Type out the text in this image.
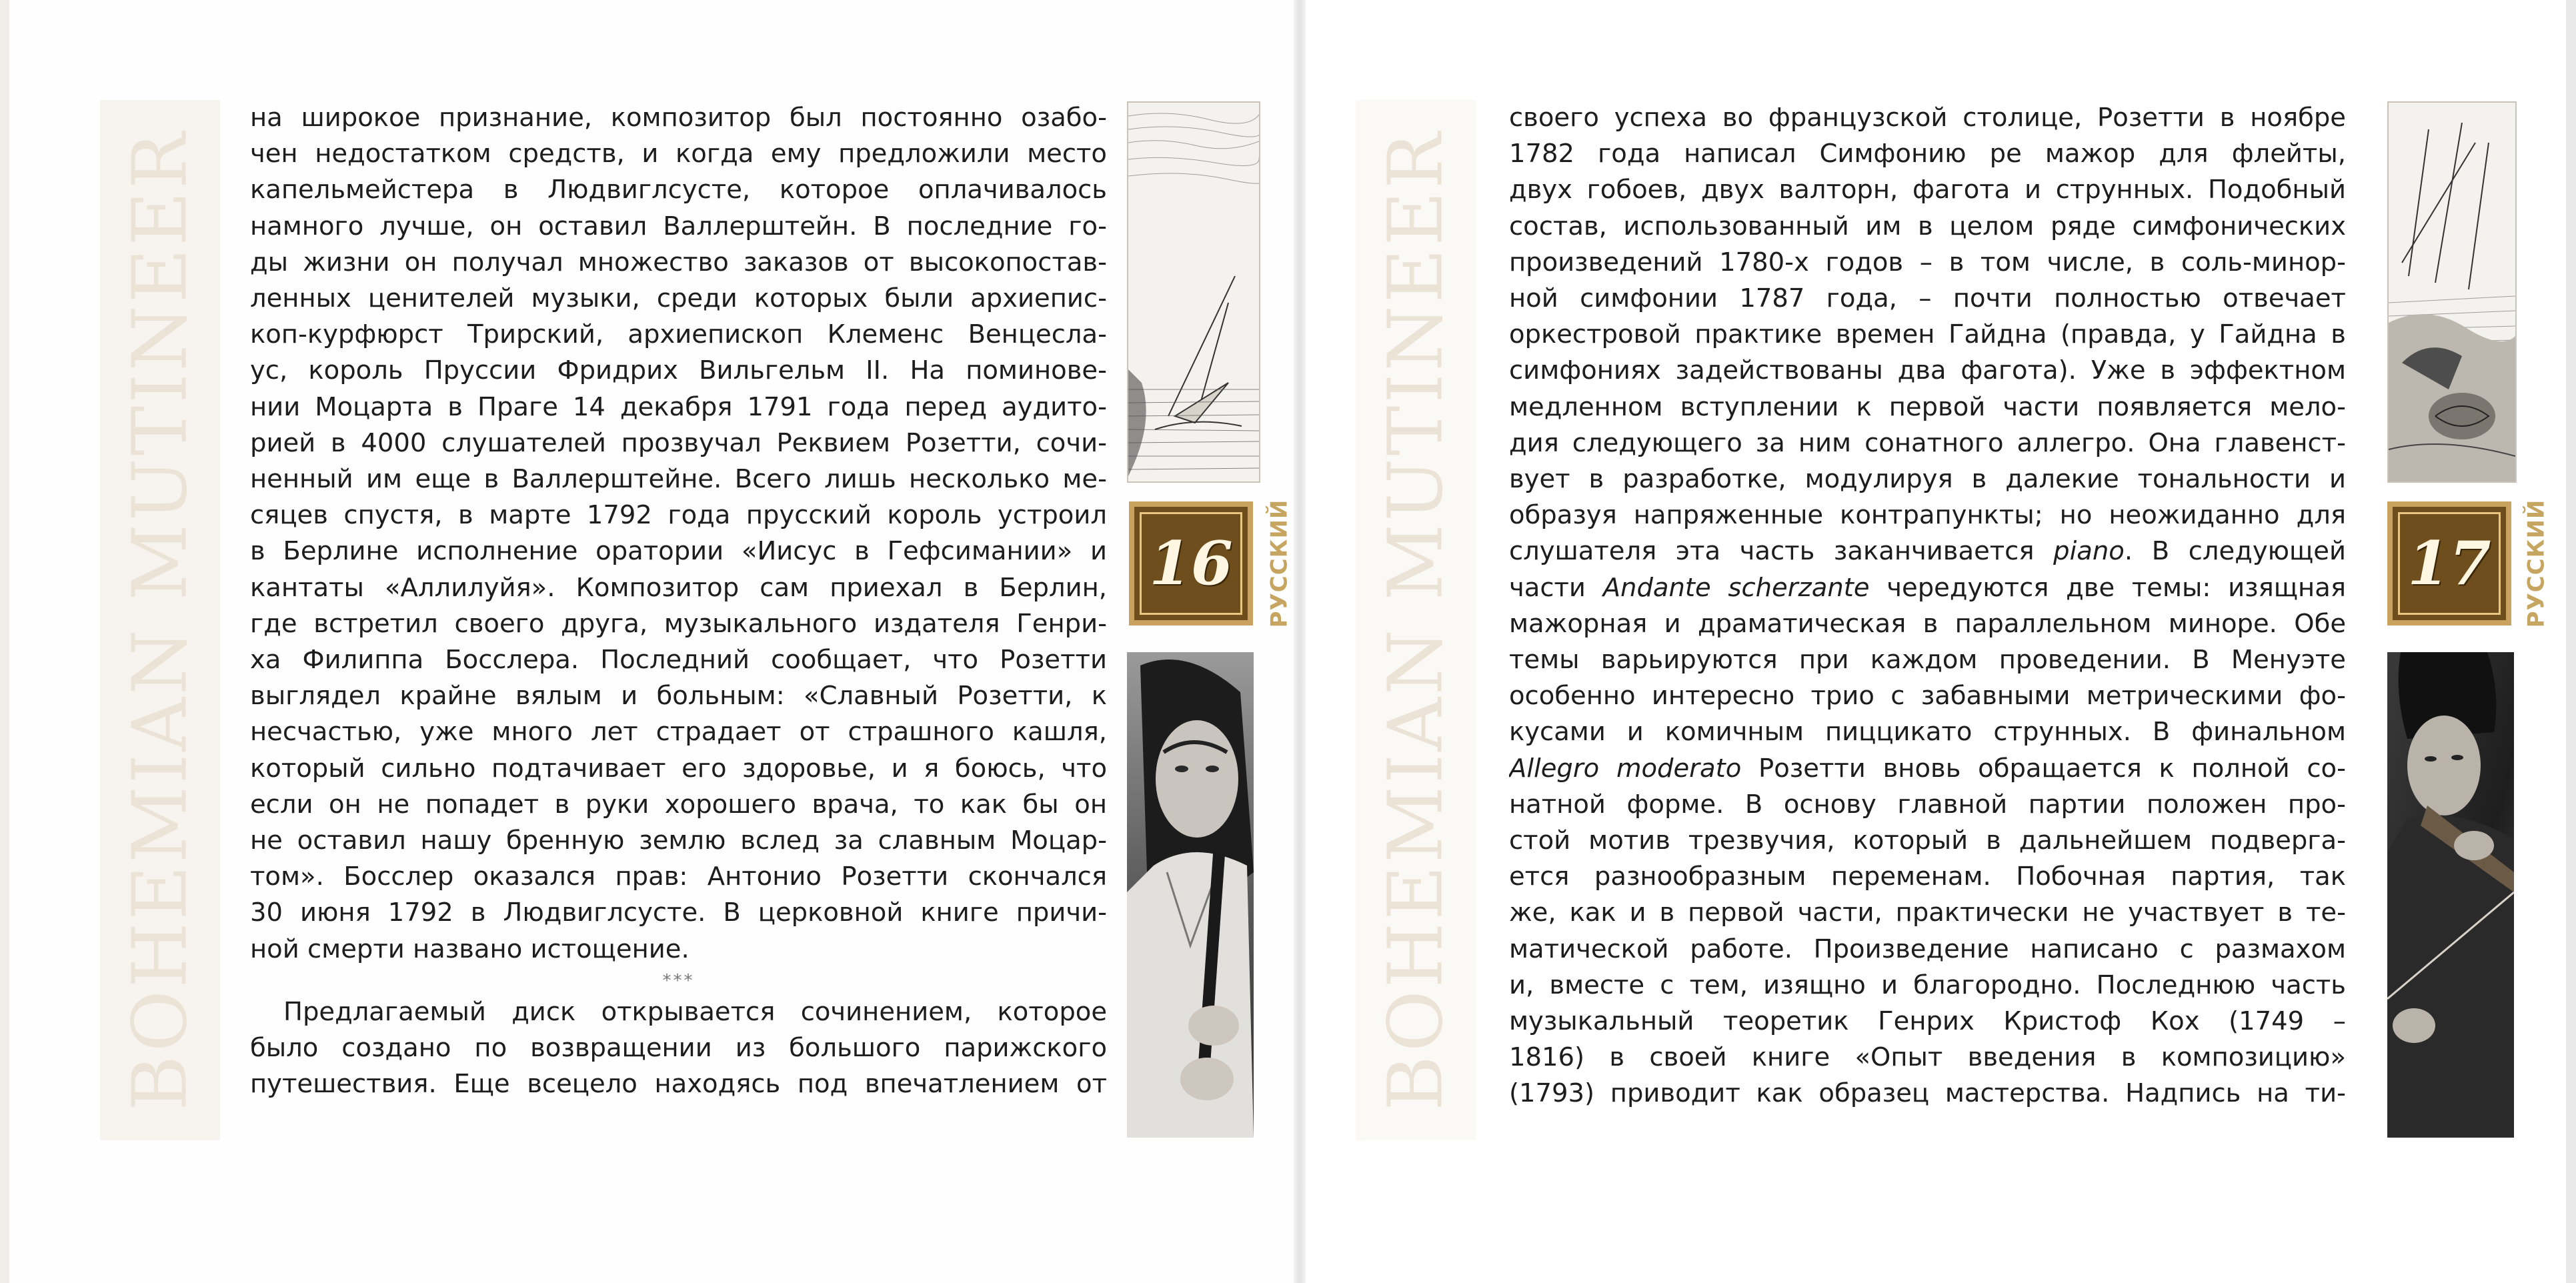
BOHEMIAN MUTINEER

на широкое признание, композитор был постоянно озабо-
чен недостатком средств, и когда ему предложили место
капельмейстера в Людвиглсусте, которое оплачивалось
намного лучше, он оставил Валлерштейн. В последние го-
ды жизни он получал множество заказов от высокопостав-
ленных ценителей музыки, среди которых были архиепис-
коп-курфюрст Трирский, архиепископ Клеменс Венцесла-
ус, король Пруссии Фридрих Вильгельм II. На поминове-
нии Моцарта в Праге 14 декабря 1791 года перед аудито-
рией в 4000 слушателей прозвучал Реквием Розетти, сочи-
ненный им еще в Валлерштейне. Всего лишь несколько ме-
сяцев спустя, в марте 1792 года прусский король устроил
в Берлине исполнение оратории «Иисус в Гефсимании» и
кантаты «Аллилуйя». Композитор сам приехал в Берлин,
где встретил своего друга, музыкального издателя Генри-
ха Филиппа Босслера. Последний сообщает, что Розетти
выглядел крайне вялым и больным: «Славный Розетти, к
несчастью, уже много лет страдает от страшного кашля,
который сильно подтачивает его здоровье, и я боюсь, что
если он не попадет в руки хорошего врача, то как бы он
не оставил нашу бренную землю вслед за славным Моцар-
том». Босслер оказался прав: Антонио Розетти скончался
30 июня 1792 в Людвиглсусте. В церковной книге причи-
ной смерти названо истощение.

***

Предлагаемый диск открывается сочинением, которое
было создано по возвращении из большого парижского
путешествия. Еще всецело находясь под впечатлением от

16 РУССКИЙ BOHEMIAN MUTINEER

своего успеха во французской столице, Розетти в ноябре
1782 года написал Симфонию ре мажор для флейты,
двух гобоев, двух валторн, фагота и струнных. Подобный
состав, использованный им в целом ряде симфонических
произведений 1780-х годов – в том числе, в соль-минор-
ной симфонии 1787 года, – почти полностью отвечает
оркестровой практике времен Гайдна (правда, у Гайдна в
симфониях задействованы два фагота). Уже в эффектном
медленном вступлении к первой части появляется мело-
дия следующего за ним сонатного аллегро. Она главенст-
вует в разработке, модулируя в далекие тональности и
образуя напряженные контрапункты; но неожиданно для
слушателя эта часть заканчивается piano. В следующей
части Andante scherzante чередуются две темы: изящная
мажорная и драматическая в параллельном миноре. Обе
темы варьируются при каждом проведении. В Менуэте
особенно интересно трио с забавными метрическими фо-
кусами и комичным пиццикато струнных. В финальном
Allegro moderato Розетти вновь обращается к полной со-
натной форме. В основу главной партии положен про-
стой мотив трезвучия, который в дальнейшем подверга-
ется разнообразным переменам. Побочная партия, так
же, как и в первой части, практически не участвует в те-
матической работе. Произведение написано с размахом
и, вместе с тем, изящно и благородно. Последнюю часть
музыкальный теоретик Генрих Кристоф Кох (1749 –
1816) в своей книге «Опыт введения в композицию»
(1793) приводит как образец мастерства. Надпись на ти-

17 РУССКИЙ
